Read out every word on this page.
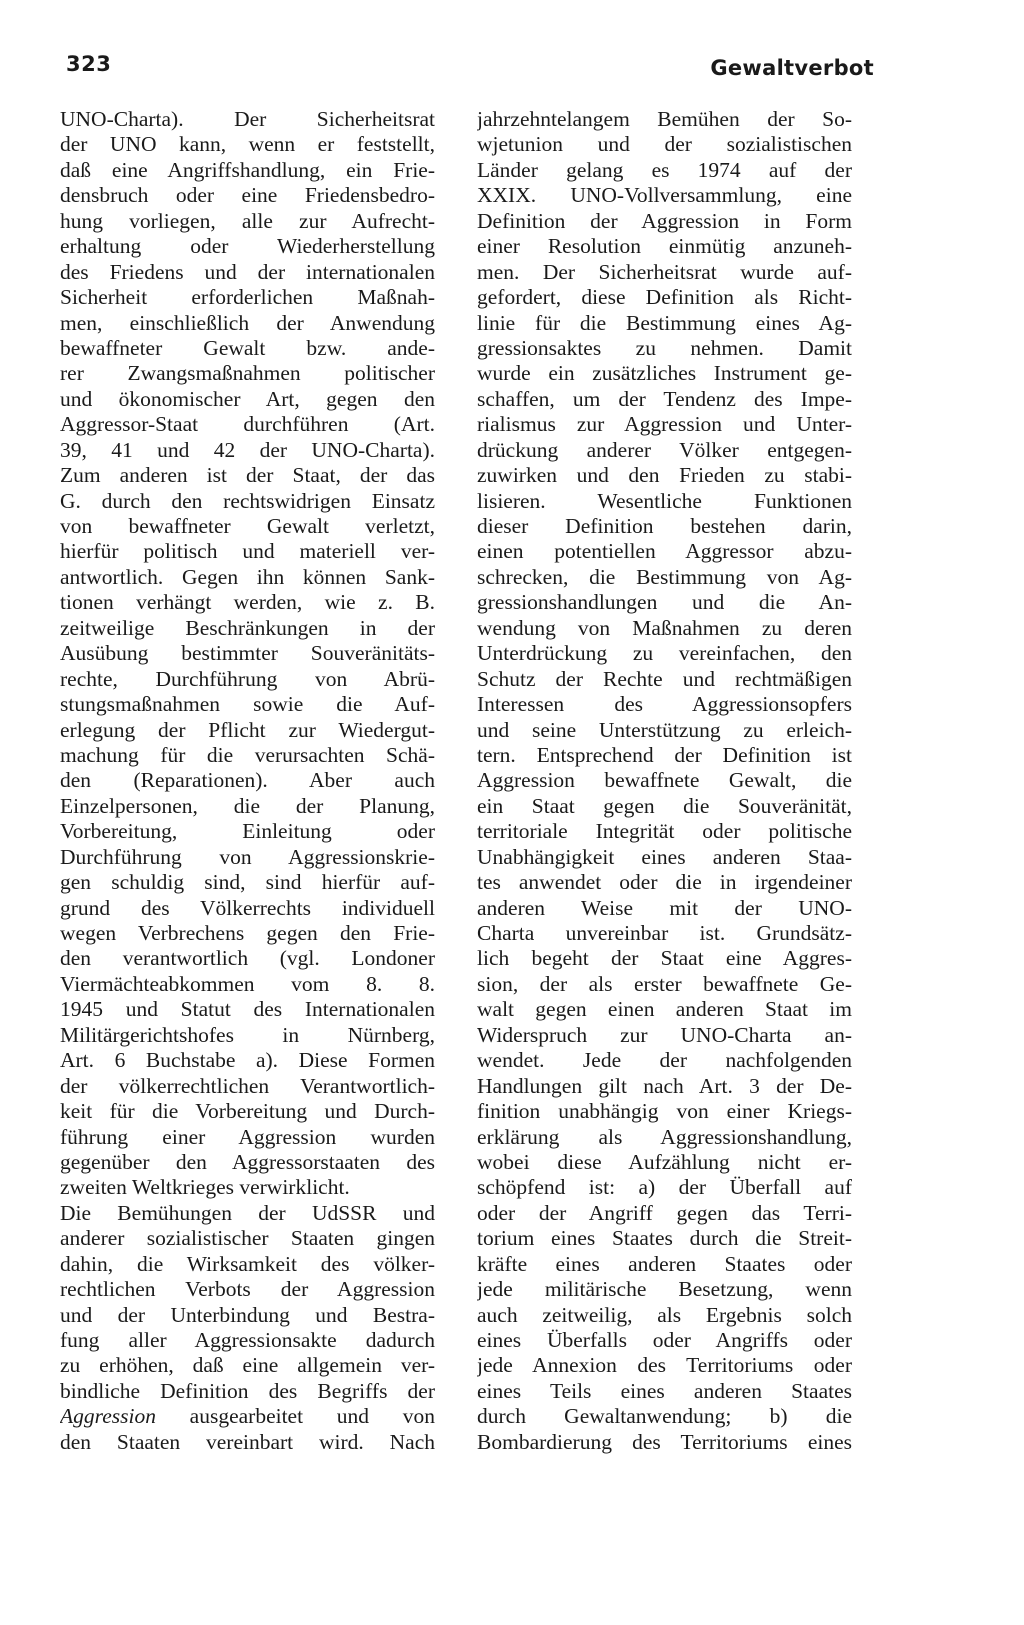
323	Gewaltverbot
UNO-Charta). Der Sicherheitsrat
der UNO kann, wenn er feststellt,
daß eine Angriffshandlung, ein Frie-
densbruch oder eine Friedensbedro-
hung vorliegen, alle zur Aufrecht-
erhaltung oder Wiederherstellung
des Friedens und der internationalen
Sicherheit erforderlichen Maßnah-
men, einschließlich der Anwendung
bewaffneter Gewalt bzw. ande-
rer Zwangsmaßnahmen politischer
und ökonomischer Art, gegen den
Aggressor-Staat durchführen (Art.
39, 41 und 42 der UNO-Charta).
Zum anderen ist der Staat, der das
G. durch den rechtswidrigen Einsatz
von bewaffneter Gewalt verletzt,
hierfür politisch und materiell ver-
antwortlich. Gegen ihn können Sank-
tionen verhängt werden, wie z. B.
zeitweilige Beschränkungen in der
Ausübung bestimmter Souveränitäts-
rechte, Durchführung von Abrü-
stungsmaßnahmen sowie die Auf-
erlegung der Pflicht zur Wiedergut-
machung für die verursachten Schä-
den (Reparationen). Aber auch
Einzelpersonen, die der Planung,
Vorbereitung, Einleitung oder
Durchführung von Aggressionskrie-
gen schuldig sind, sind hierfür auf-
grund des Völkerrechts individuell
wegen Verbrechens gegen den Frie-
den verantwortlich (vgl. Londoner
Viermächteabkommen vom 8. 8.
1945 und Statut des Internationalen
Militärgerichtshofes in Nürnberg,
Art. 6 Buchstabe a). Diese Formen
der völkerrechtlichen Verantwortlich-
keit für die Vorbereitung und Durch-
führung einer Aggression wurden
gegenüber den Aggressorstaaten des
zweiten Weltkrieges verwirklicht.
Die Bemühungen der UdSSR und
anderer sozialistischer Staaten gingen
dahin, die Wirksamkeit des völker-
rechtlichen Verbots der Aggression
und der Unterbindung und Bestra-
fung aller Aggressionsakte dadurch
zu erhöhen, daß eine allgemein ver-
bindliche Definition des Begriffs der
Aggression ausgearbeitet und von
den Staaten vereinbart wird. Nach
jahrzehntelangem Bemühen der So-
wjetunion und der sozialistischen
Länder gelang es 1974 auf der
XXIX. UNO-Vollversammlung, eine
Definition der Aggression in Form
einer Resolution einmütig anzuneh-
men. Der Sicherheitsrat wurde auf-
gefordert, diese Definition als Richt-
linie für die Bestimmung eines Ag-
gressionsaktes zu nehmen. Damit
wurde ein zusätzliches Instrument ge-
schaffen, um der Tendenz des Impe-
rialismus zur Aggression und Unter-
drückung anderer Völker entgegen-
zuwirken und den Frieden zu stabi-
lisieren. Wesentliche Funktionen
dieser Definition bestehen darin,
einen potentiellen Aggressor abzu-
schrecken, die Bestimmung von Ag-
gressionshandlungen und die An-
wendung von Maßnahmen zu deren
Unterdrückung zu vereinfachen, den
Schutz der Rechte und rechtmäßigen
Interessen des Aggressionsopfers
und seine Unterstützung zu erleich-
tern. Entsprechend der Definition ist
Aggression bewaffnete Gewalt, die
ein Staat gegen die Souveränität,
territoriale Integrität oder politische
Unabhängigkeit eines anderen Staa-
tes anwendet oder die in irgendeiner
anderen Weise mit der UNO-
Charta unvereinbar ist. Grundsätz-
lich begeht der Staat eine Aggres-
sion, der als erster bewaffnete Ge-
walt gegen einen anderen Staat im
Widerspruch zur UNO-Charta an-
wendet. Jede der nachfolgenden
Handlungen gilt nach Art. 3 der De-
finition unabhängig von einer Kriegs-
erklärung als Aggressionshandlung,
wobei diese Aufzählung nicht er-
schöpfend ist: a) der Überfall auf
oder der Angriff gegen das Terri-
torium eines Staates durch die Streit-
kräfte eines anderen Staates oder
jede militärische Besetzung, wenn
auch zeitweilig, als Ergebnis solch
eines Überfalls oder Angriffs oder
jede Annexion des Territoriums oder
eines Teils eines anderen Staates
durch Gewaltanwendung; b) die
Bombardierung des Territoriums eines
